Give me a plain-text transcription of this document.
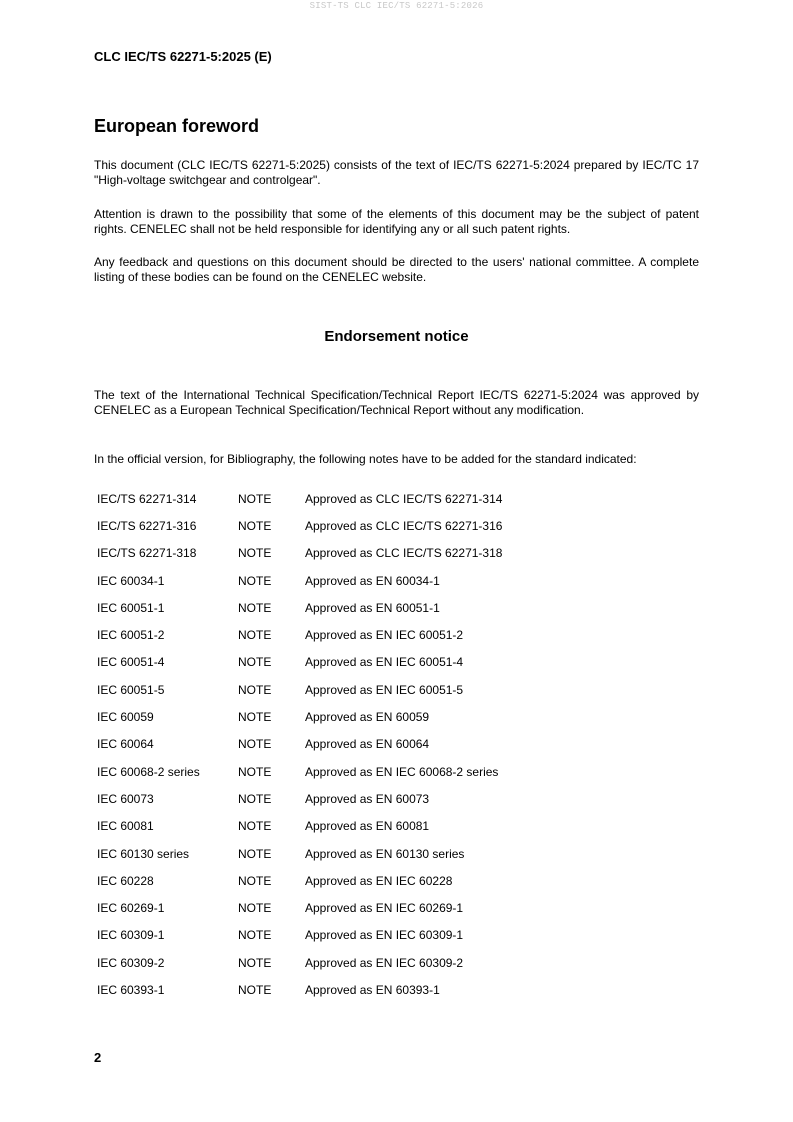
SIST-TS CLC IEC/TS 62271-5:2026
CLC IEC/TS 62271-5:2025 (E)
European foreword

This document (CLC IEC/TS 62271-5:2025) consists of the text of IEC/TS 62271-5:2024 prepared by IEC/TC 17 "High-voltage switchgear and controlgear".

Attention is drawn to the possibility that some of the elements of this document may be the subject of patent rights. CENELEC shall not be held responsible for identifying any or all such patent rights.

Any feedback and questions on this document should be directed to the users' national committee. A complete listing of these bodies can be found on the CENELEC website.

Endorsement notice

The text of the International Technical Specification/Technical Report IEC/TS 62271-5:2024 was approved by CENELEC as a European Technical Specification/Technical Report without any modification.

In the official version, for Bibliography, the following notes have to be added for the standard indicated:

IEC/TS 62271-314	NOTE	Approved as CLC IEC/TS 62271-314
IEC/TS 62271-316	NOTE	Approved as CLC IEC/TS 62271-316
IEC/TS 62271-318	NOTE	Approved as CLC IEC/TS 62271-318
IEC 60034-1	NOTE	Approved as EN 60034-1
IEC 60051-1	NOTE	Approved as EN 60051-1
IEC 60051-2	NOTE	Approved as EN IEC 60051-2
IEC 60051-4	NOTE	Approved as EN IEC 60051-4
IEC 60051-5	NOTE	Approved as EN IEC 60051-5
IEC 60059	NOTE	Approved as EN 60059
IEC 60064	NOTE	Approved as EN 60064
IEC 60068-2 series	NOTE	Approved as EN IEC 60068-2 series
IEC 60073	NOTE	Approved as EN 60073
IEC 60081	NOTE	Approved as EN 60081
IEC 60130 series	NOTE	Approved as EN 60130 series
IEC 60228	NOTE	Approved as EN IEC 60228
IEC 60269-1	NOTE	Approved as EN IEC 60269-1
IEC 60309-1	NOTE	Approved as EN IEC 60309-1
IEC 60309-2	NOTE	Approved as EN IEC 60309-2
IEC 60393-1	NOTE	Approved as EN 60393-1
2
